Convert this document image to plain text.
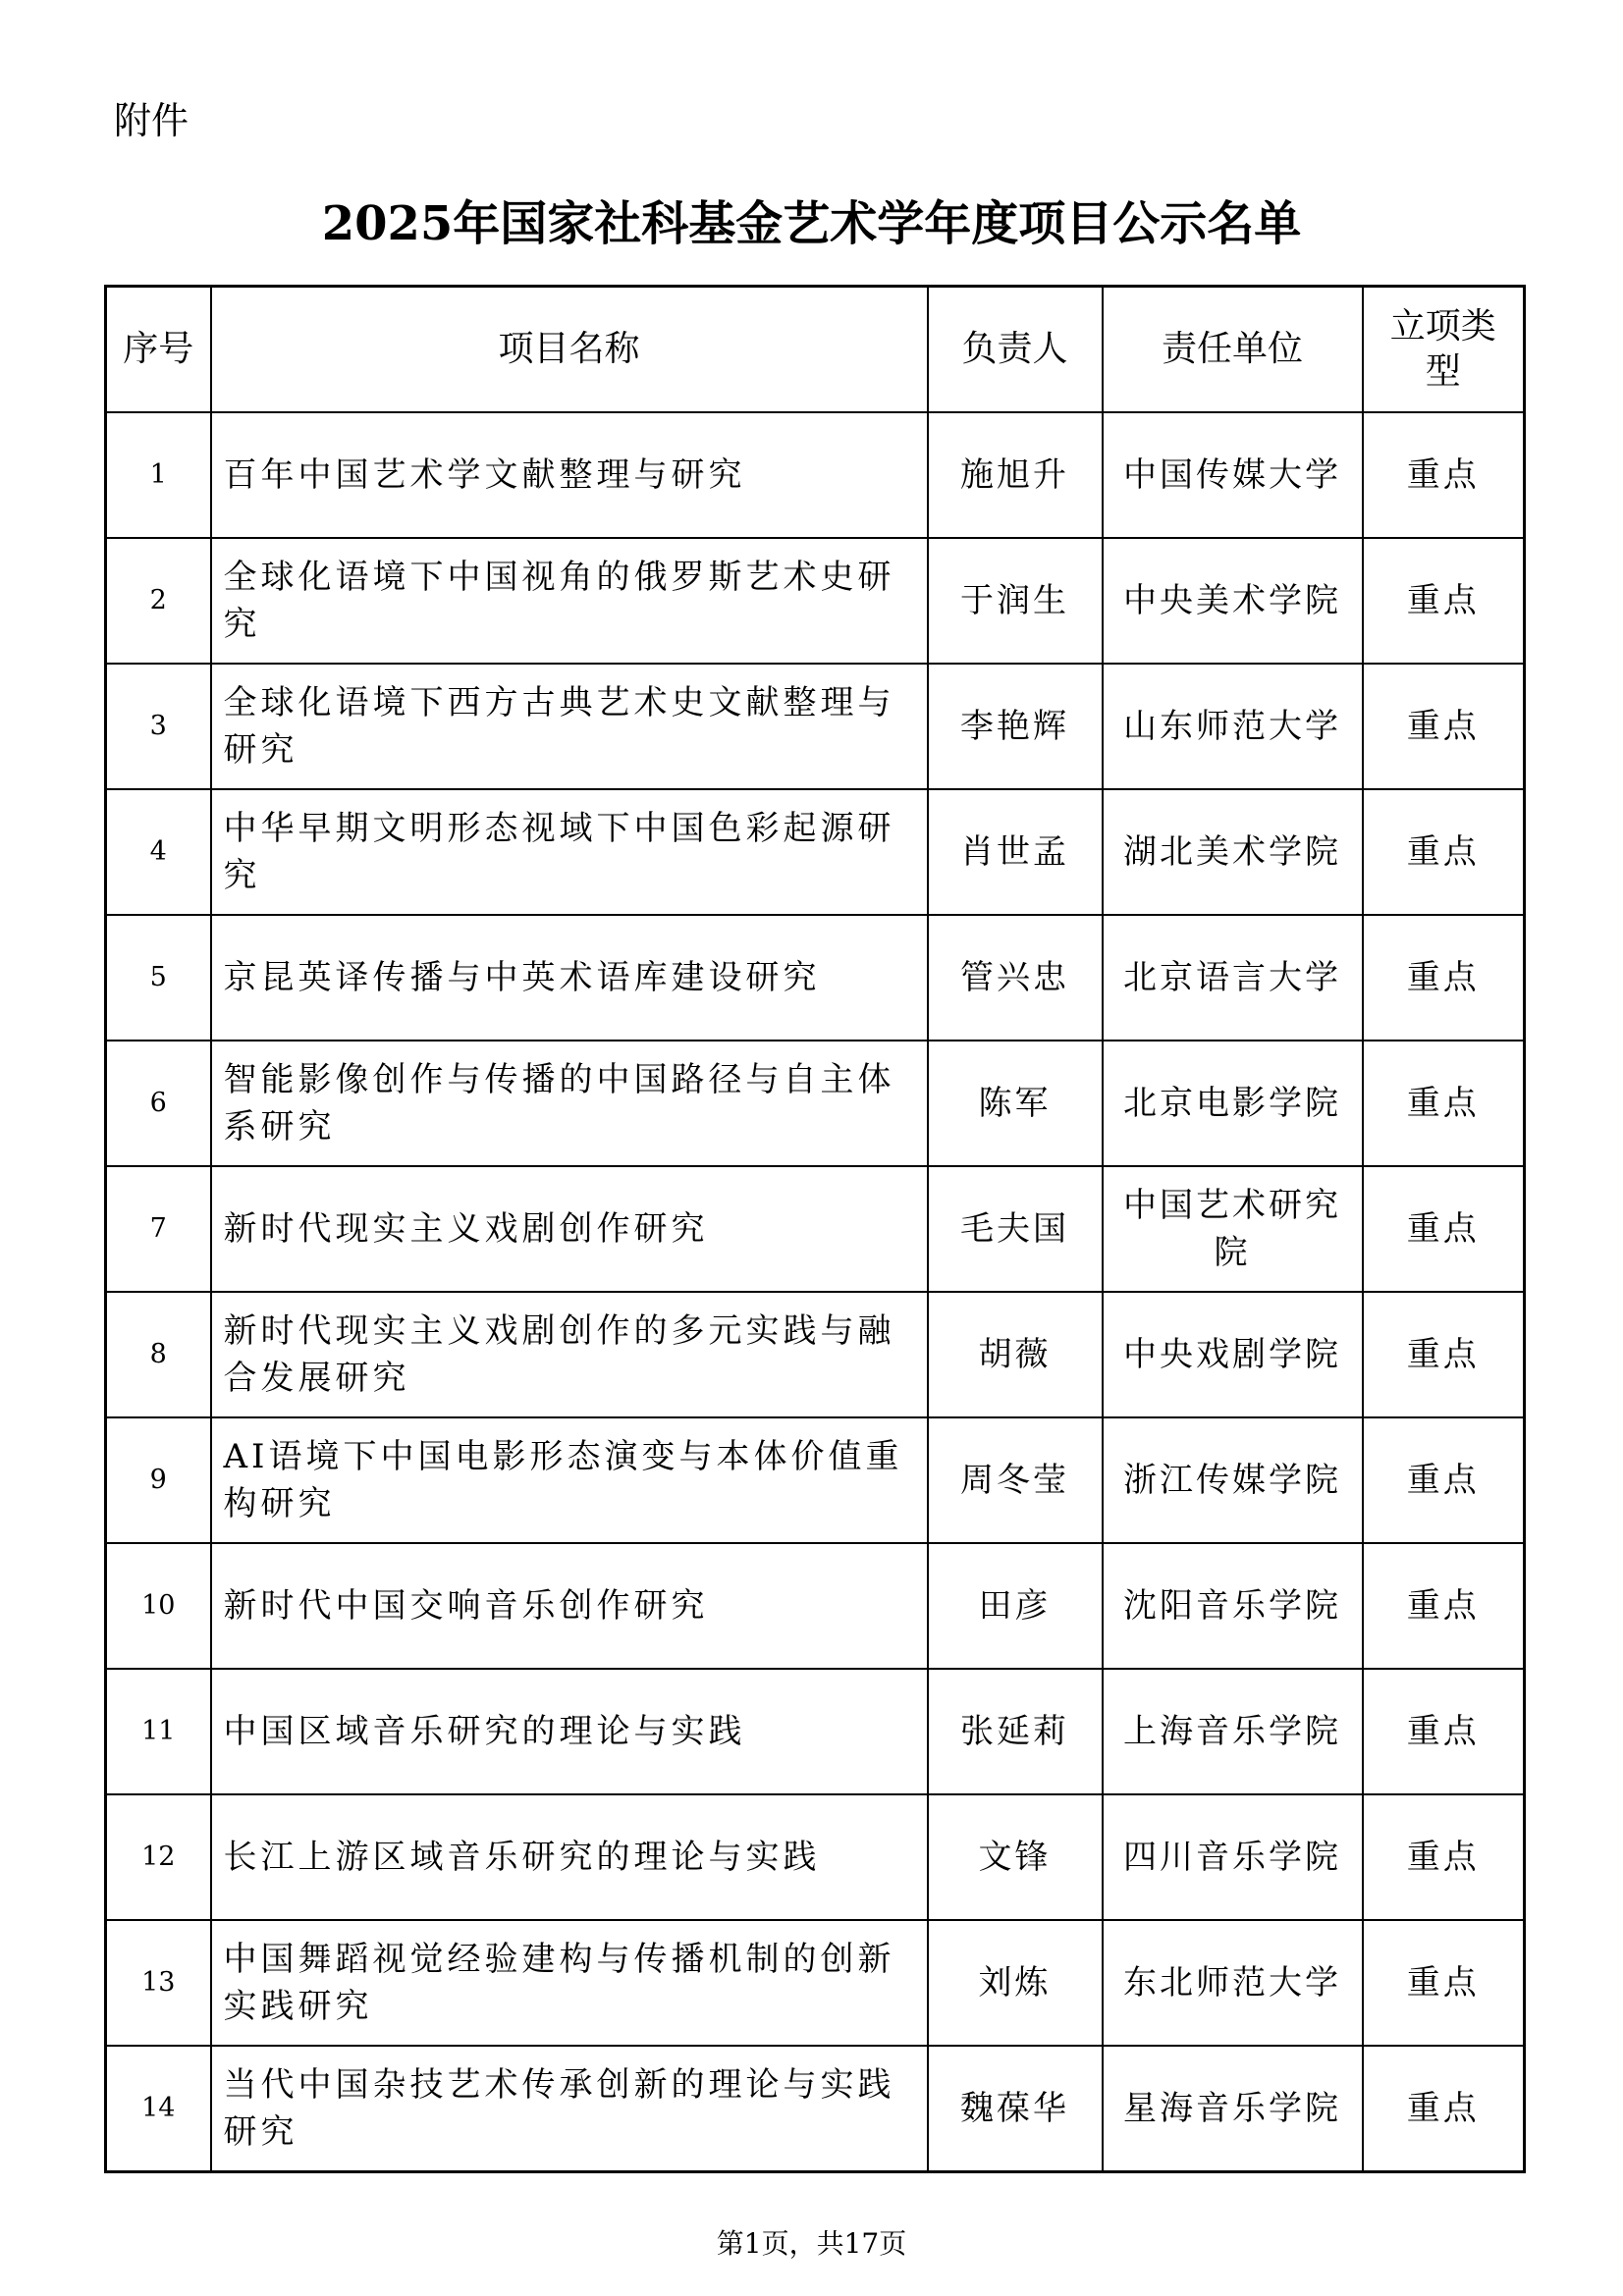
附件
2025年国家社科基金艺术学年度项目公示名单
序号	项目名称	负责人	责任单位	立项类型
1	百年中国艺术学文献整理与研究	施旭升	中国传媒大学	重点
2	全球化语境下中国视角的俄罗斯艺术史研究	于润生	中央美术学院	重点
3	全球化语境下西方古典艺术史文献整理与研究	李艳辉	山东师范大学	重点
4	中华早期文明形态视域下中国色彩起源研究	肖世孟	湖北美术学院	重点
5	京昆英译传播与中英术语库建设研究	管兴忠	北京语言大学	重点
6	智能影像创作与传播的中国路径与自主体系研究	陈军	北京电影学院	重点
7	新时代现实主义戏剧创作研究	毛夫国	中国艺术研究院	重点
8	新时代现实主义戏剧创作的多元实践与融合发展研究	胡薇	中央戏剧学院	重点
9	AI语境下中国电影形态演变与本体价值重构研究	周冬莹	浙江传媒学院	重点
10	新时代中国交响音乐创作研究	田彦	沈阳音乐学院	重点
11	中国区域音乐研究的理论与实践	张延莉	上海音乐学院	重点
12	长江上游区域音乐研究的理论与实践	文锋	四川音乐学院	重点
13	中国舞蹈视觉经验建构与传播机制的创新实践研究	刘炼	东北师范大学	重点
14	当代中国杂技艺术传承创新的理论与实践研究	魏葆华	星海音乐学院	重点
第1页，共17页
